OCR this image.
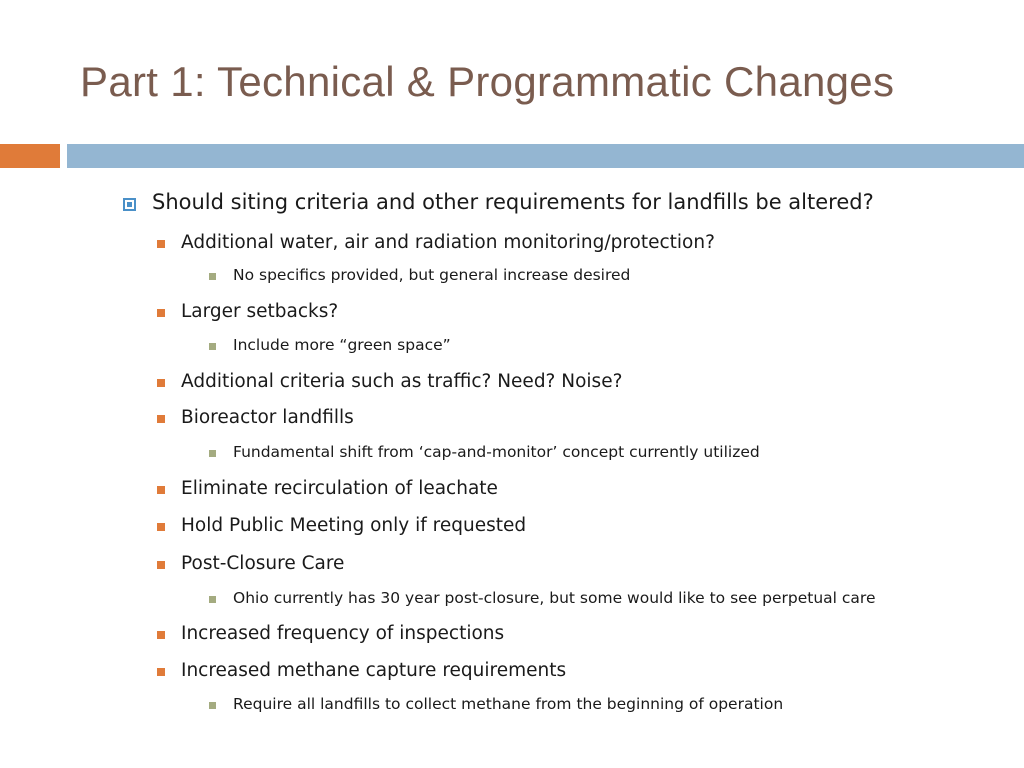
Part 1: Technical & Programmatic Changes
Should siting criteria and other requirements for landfills be altered?
Additional water, air and radiation monitoring/protection?
No specifics provided, but general increase desired
Larger setbacks?
Include more “green space”
Additional criteria such as traffic? Need? Noise?
Bioreactor landfills
Fundamental shift from ‘cap-and-monitor’ concept currently utilized
Eliminate recirculation of leachate
Hold Public Meeting only if requested
Post-Closure Care
Ohio currently has 30 year post-closure, but some would like to see perpetual care
Increased frequency of inspections
Increased methane capture requirements
Require all landfills to collect methane from the beginning of operation
